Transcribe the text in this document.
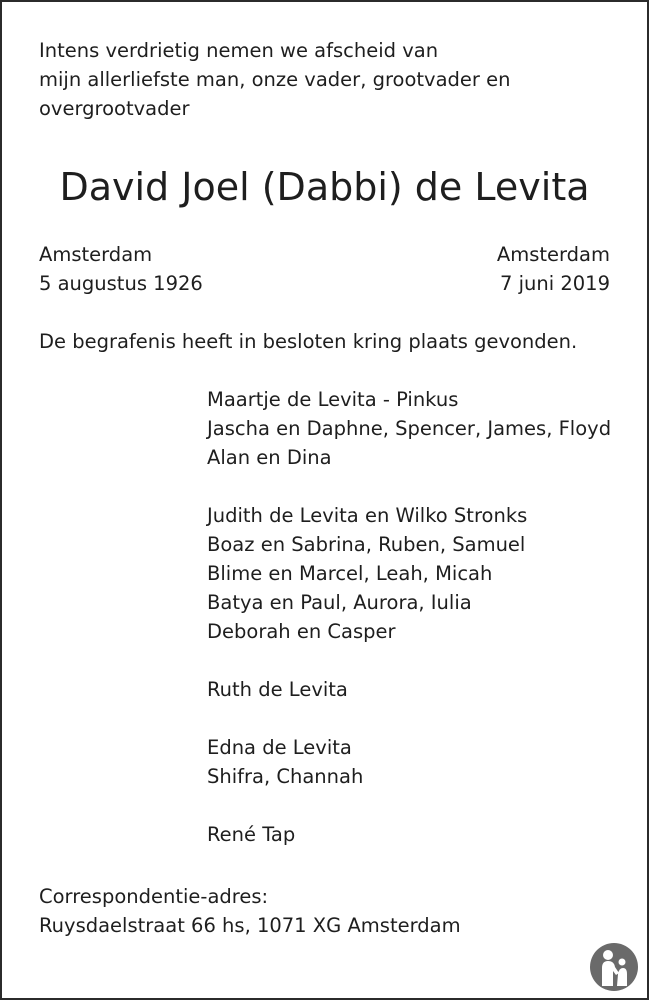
Intens verdrietig nemen we afscheid van
mijn allerliefste man, onze vader, grootvader en
overgrootvader
David Joel (Dabbi) de Levita
Amsterdam
5 augustus 1926
Amsterdam
7 juni 2019
De begrafenis heeft in besloten kring plaats gevonden.
Maartje de Levita - Pinkus
Jascha en Daphne, Spencer, James, Floyd
Alan en Dina
Judith de Levita en Wilko Stronks
Boaz en Sabrina, Ruben, Samuel
Blime en Marcel, Leah, Micah
Batya en Paul, Aurora, Iulia
Deborah en Casper
Ruth de Levita
Edna de Levita
Shifra, Channah
René Tap
Correspondentie-adres:
Ruysdaelstraat 66 hs, 1071 XG Amsterdam
